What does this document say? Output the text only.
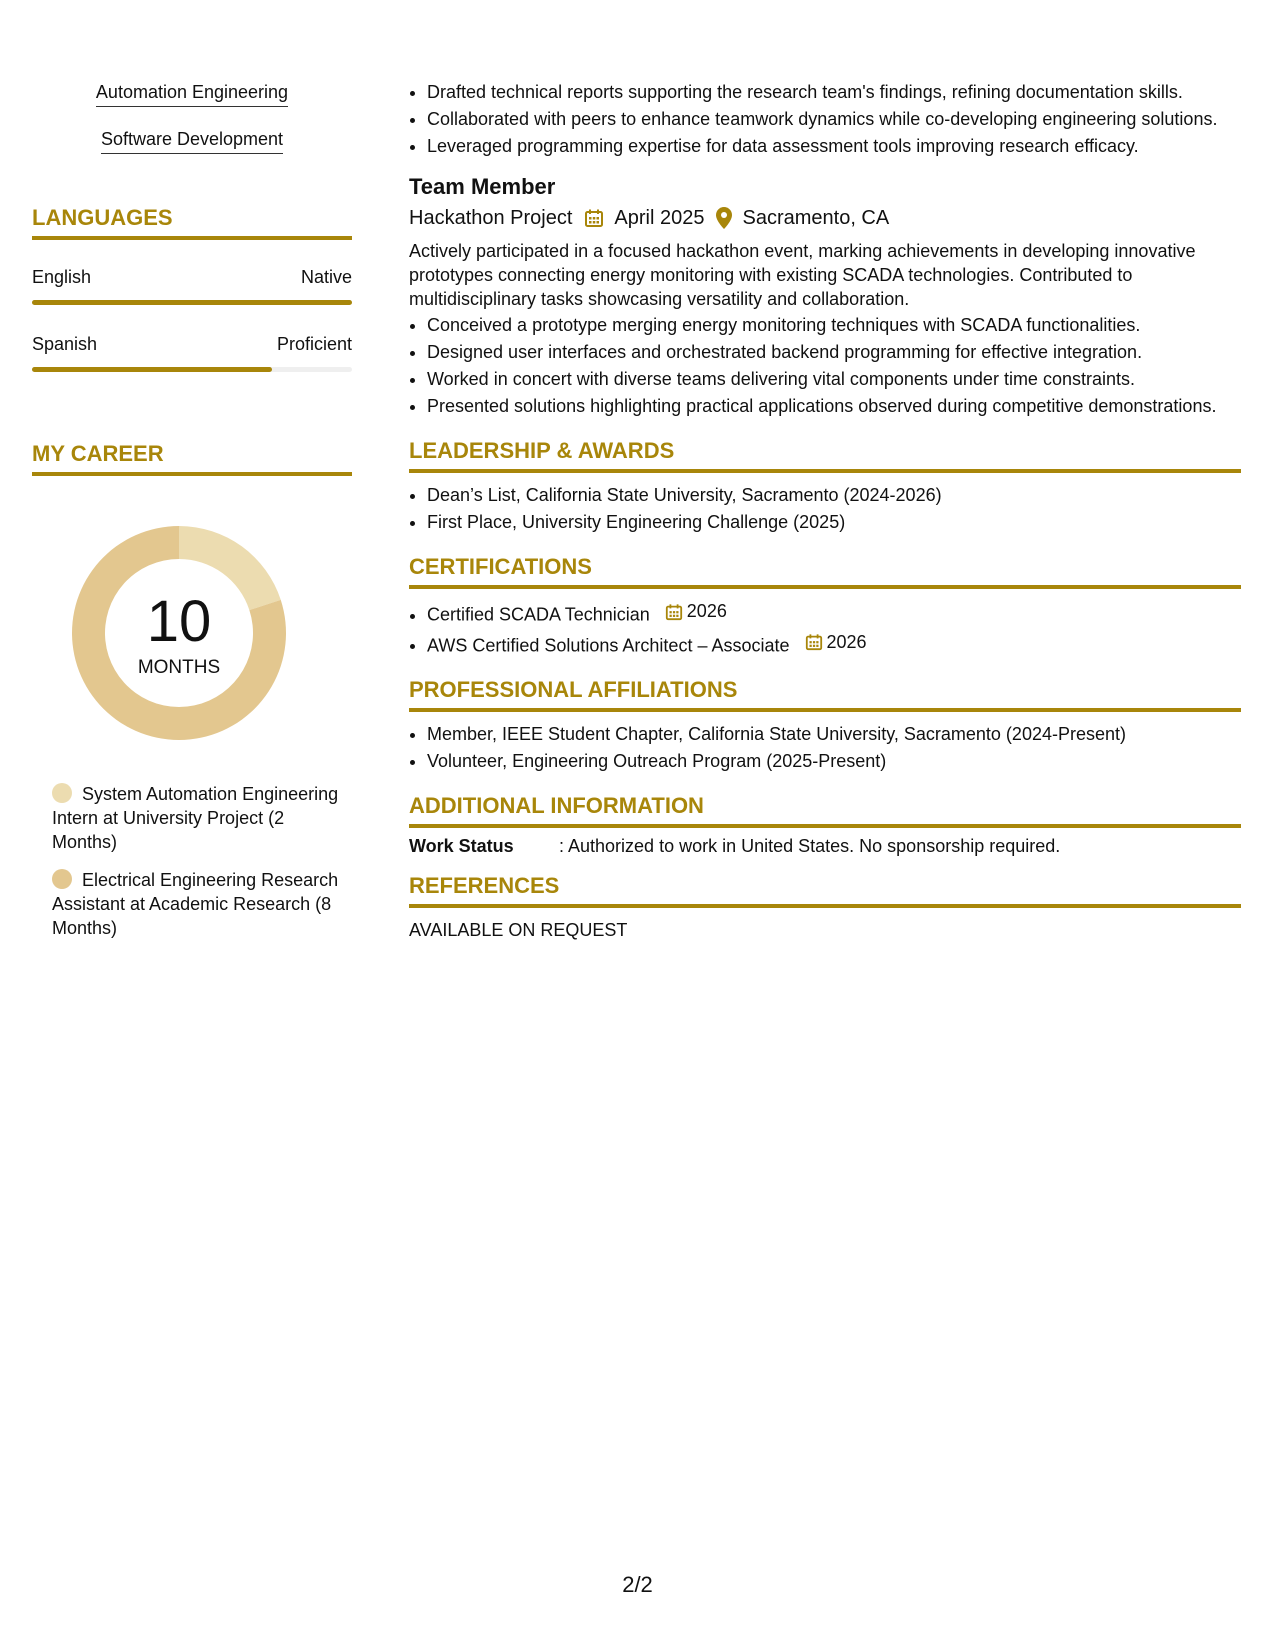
Automation Engineering
Software Development
LANGUAGES
English	Native
Spanish	Proficient
MY CAREER
10
MONTHS
System Automation Engineering Intern at University Project (2 Months)
Electrical Engineering Research Assistant at Academic Research (8 Months)
• Drafted technical reports supporting the research team's findings, refining documentation skills.
• Collaborated with peers to enhance teamwork dynamics while co-developing engineering solutions.
• Leveraged programming expertise for data assessment tools improving research efficacy.
Team Member
Hackathon Project April 2025 Sacramento, CA
Actively participated in a focused hackathon event, marking achievements in developing innovative prototypes connecting energy monitoring with existing SCADA technologies. Contributed to multidisciplinary tasks showcasing versatility and collaboration.
• Conceived a prototype merging energy monitoring techniques with SCADA functionalities.
• Designed user interfaces and orchestrated backend programming for effective integration.
• Worked in concert with diverse teams delivering vital components under time constraints.
• Presented solutions highlighting practical applications observed during competitive demonstrations.
LEADERSHIP & AWARDS
• Dean’s List, California State University, Sacramento (2024-2026)
• First Place, University Engineering Challenge (2025)
CERTIFICATIONS
• Certified SCADA Technician 2026
• AWS Certified Solutions Architect – Associate 2026
PROFESSIONAL AFFILIATIONS
• Member, IEEE Student Chapter, California State University, Sacramento (2024-Present)
• Volunteer, Engineering Outreach Program (2025-Present)
ADDITIONAL INFORMATION
Work Status	: Authorized to work in United States. No sponsorship required.
REFERENCES
AVAILABLE ON REQUEST
2/2
